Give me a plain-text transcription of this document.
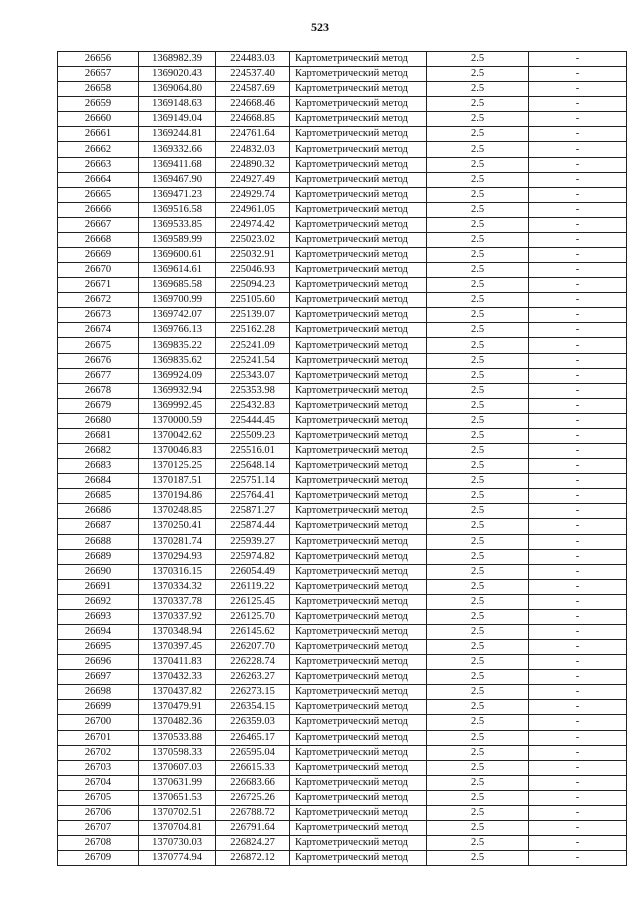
523
26656	1368982.39	224483.03	Картометрический метод	2.5	-
26657	1369020.43	224537.40	Картометрический метод	2.5	-
26658	1369064.80	224587.69	Картометрический метод	2.5	-
26659	1369148.63	224668.46	Картометрический метод	2.5	-
26660	1369149.04	224668.85	Картометрический метод	2.5	-
26661	1369244.81	224761.64	Картометрический метод	2.5	-
26662	1369332.66	224832.03	Картометрический метод	2.5	-
26663	1369411.68	224890.32	Картометрический метод	2.5	-
26664	1369467.90	224927.49	Картометрический метод	2.5	-
26665	1369471.23	224929.74	Картометрический метод	2.5	-
26666	1369516.58	224961.05	Картометрический метод	2.5	-
26667	1369533.85	224974.42	Картометрический метод	2.5	-
26668	1369589.99	225023.02	Картометрический метод	2.5	-
26669	1369600.61	225032.91	Картометрический метод	2.5	-
26670	1369614.61	225046.93	Картометрический метод	2.5	-
26671	1369685.58	225094.23	Картометрический метод	2.5	-
26672	1369700.99	225105.60	Картометрический метод	2.5	-
26673	1369742.07	225139.07	Картометрический метод	2.5	-
26674	1369766.13	225162.28	Картометрический метод	2.5	-
26675	1369835.22	225241.09	Картометрический метод	2.5	-
26676	1369835.62	225241.54	Картометрический метод	2.5	-
26677	1369924.09	225343.07	Картометрический метод	2.5	-
26678	1369932.94	225353.98	Картометрический метод	2.5	-
26679	1369992.45	225432.83	Картометрический метод	2.5	-
26680	1370000.59	225444.45	Картометрический метод	2.5	-
26681	1370042.62	225509.23	Картометрический метод	2.5	-
26682	1370046.83	225516.01	Картометрический метод	2.5	-
26683	1370125.25	225648.14	Картометрический метод	2.5	-
26684	1370187.51	225751.14	Картометрический метод	2.5	-
26685	1370194.86	225764.41	Картометрический метод	2.5	-
26686	1370248.85	225871.27	Картометрический метод	2.5	-
26687	1370250.41	225874.44	Картометрический метод	2.5	-
26688	1370281.74	225939.27	Картометрический метод	2.5	-
26689	1370294.93	225974.82	Картометрический метод	2.5	-
26690	1370316.15	226054.49	Картометрический метод	2.5	-
26691	1370334.32	226119.22	Картометрический метод	2.5	-
26692	1370337.78	226125.45	Картометрический метод	2.5	-
26693	1370337.92	226125.70	Картометрический метод	2.5	-
26694	1370348.94	226145.62	Картометрический метод	2.5	-
26695	1370397.45	226207.70	Картометрический метод	2.5	-
26696	1370411.83	226228.74	Картометрический метод	2.5	-
26697	1370432.33	226263.27	Картометрический метод	2.5	-
26698	1370437.82	226273.15	Картометрический метод	2.5	-
26699	1370479.91	226354.15	Картометрический метод	2.5	-
26700	1370482.36	226359.03	Картометрический метод	2.5	-
26701	1370533.88	226465.17	Картометрический метод	2.5	-
26702	1370598.33	226595.04	Картометрический метод	2.5	-
26703	1370607.03	226615.33	Картометрический метод	2.5	-
26704	1370631.99	226683.66	Картометрический метод	2.5	-
26705	1370651.53	226725.26	Картометрический метод	2.5	-
26706	1370702.51	226788.72	Картометрический метод	2.5	-
26707	1370704.81	226791.64	Картометрический метод	2.5	-
26708	1370730.03	226824.27	Картометрический метод	2.5	-
26709	1370774.94	226872.12	Картометрический метод	2.5	-
